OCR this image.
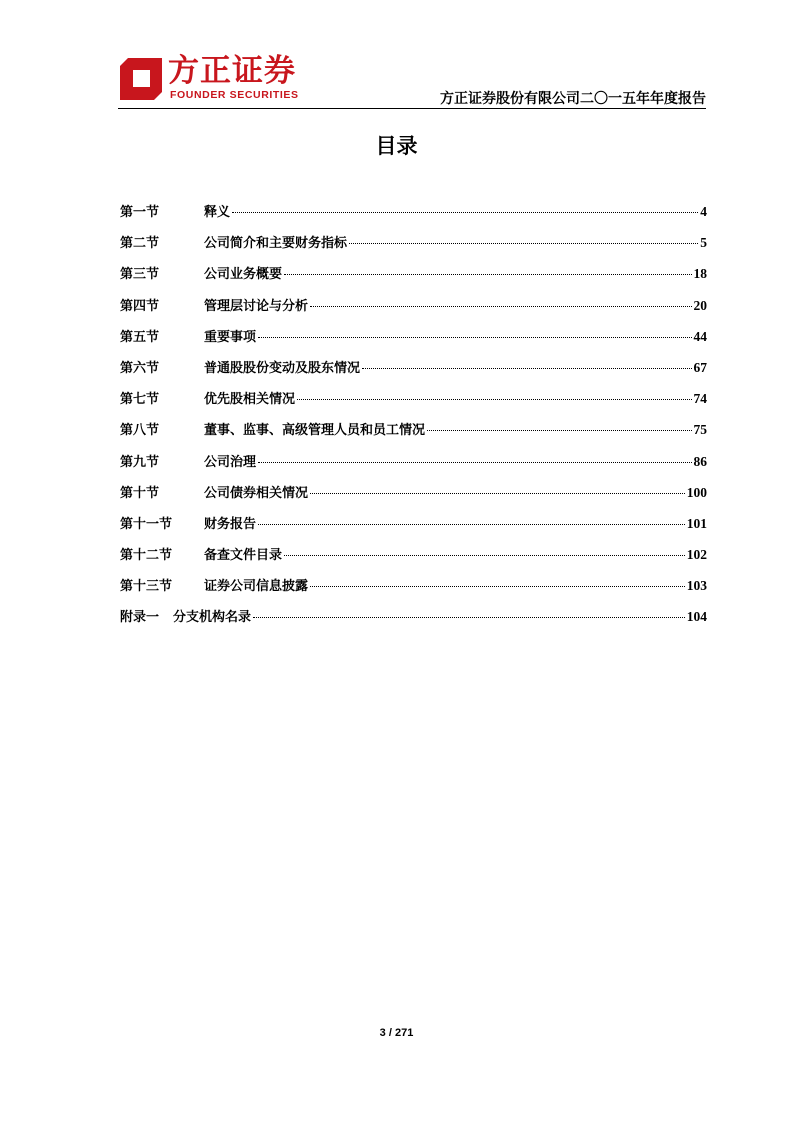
方正证券
FOUNDER SECURITIES	方正证券股份有限公司二〇一五年年度报告
目录
第一节	释义	4
第二节	公司简介和主要财务指标	5
第三节	公司业务概要	18
第四节	管理层讨论与分析	20
第五节	重要事项	44
第六节	普通股股份变动及股东情况	67
第七节	优先股相关情况	74
第八节	董事、监事、高级管理人员和员工情况	75
第九节	公司治理	86
第十节	公司债券相关情况	100
第十一节	财务报告	101
第十二节	备查文件目录	102
第十三节	证券公司信息披露	103
附录一 分支机构名录	104
3 / 271
